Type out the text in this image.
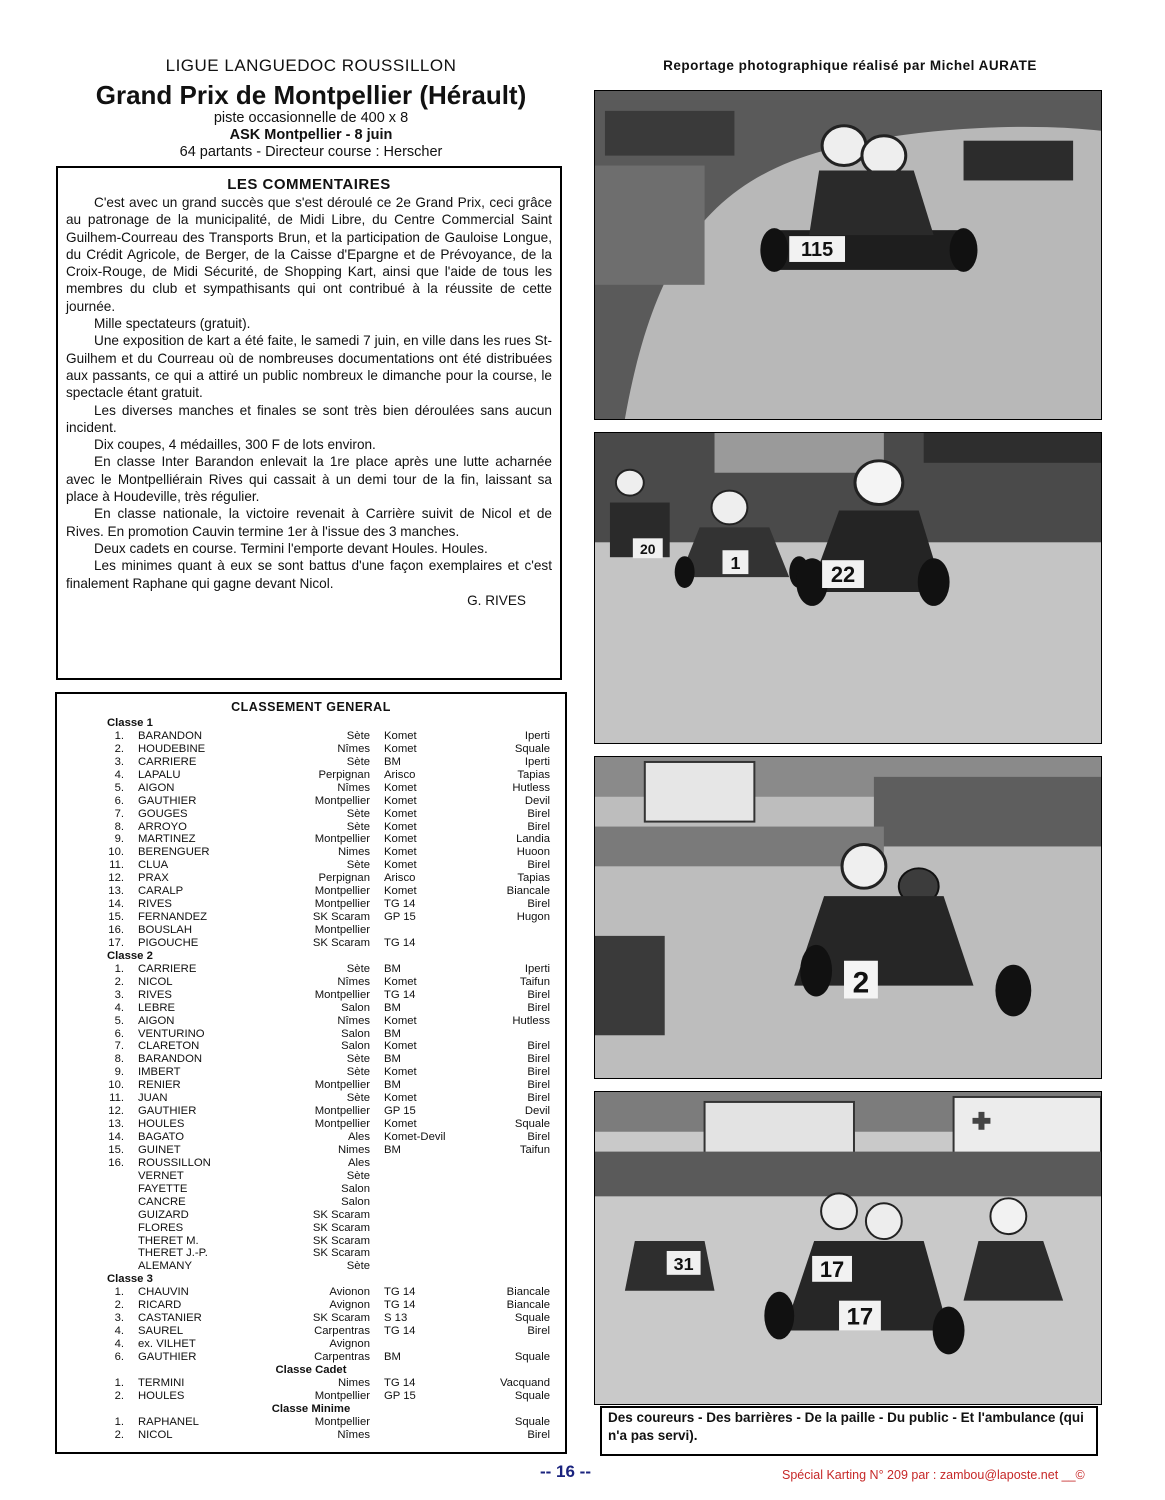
LIGUE LANGUEDOC ROUSSILLON
Grand Prix de Montpellier (Hérault)
piste occasionnelle de 400 x 8
ASK Montpellier - 8 juin
64 partants - Directeur course : Herscher
LES COMMENTAIRES

C'est avec un grand succès que s'est déroulé ce 2e Grand Prix, ceci grâce au patronage de la municipalité, de Midi Libre, du Centre Commercial Saint Guilhem-Courreau des Transports Brun, et la participation de Gauloise Longue, du Crédit Agricole, de Berger, de la Caisse d'Epargne et de Prévoyance, de la Croix-Rouge, de Midi Sécurité, de Shopping Kart, ainsi que l'aide de tous les membres du club et sympathisants qui ont contribué à la réussite de cette journée.

Mille spectateurs (gratuit).

Une exposition de kart a été faite, le samedi 7 juin, en ville dans les rues St-Guilhem et du Courreau où de nombreuses documentations ont été distribuées aux passants, ce qui a attiré un public nombreux le dimanche pour la course, le spectacle étant gratuit.

Les diverses manches et finales se sont très bien déroulées sans aucun incident.

Dix coupes, 4 médailles, 300 F de lots environ.

En classe Inter Barandon enlevait la 1re place après une lutte acharnée avec le Montpelliérain Rives qui cassait à un demi tour de la fin, laissant sa place à Houdeville, très régulier.

En classe nationale, la victoire revenait à Carrière suivit de Nicol et de Rives. En promotion Cauvin termine 1er à l'issue des 3 manches.

Deux cadets en course. Termini l'emporte devant Houles. Houles.

Les minimes quant à eux se sont battus d'une façon exemplaires et c'est finalement Raphane qui gagne devant Nicol.

G. RIVES
CLASSEMENT GENERAL
Classe 1
1. BARANDON	Sète Komet	Iperti
2. HOUDEBINE	Nîmes Komet	Squale
3. CARRIERE	Sète BM	Iperti
4. LAPALU	Perpignan Arisco	Tapias
5. AIGON	Nîmes Komet	Hutless
6. GAUTHIER	Montpellier Komet	Devil
7. GOUGES	Sète Komet	Birel
8. ARROYO	Sète Komet	Birel
9. MARTINEZ	Montpellier Komet	Landia
10. BERENGUER	Nimes Komet	Huoon
11. CLUA	Sète Komet	Birel
12. PRAX	Perpignan Arisco	Tapias
13. CARALP	Montpellier Komet	Biancale
14. RIVES	Montpellier TG 14	Birel
15. FERNANDEZ	SK Scaram GP 15	Hugon
16. BOUSLAH	Montpellier
17. PIGOUCHE	SK Scaram TG 14
Classe 2
1. CARRIERE	Sète BM	Iperti
2. NICOL	Nîmes Komet	Taifun
3. RIVES	Montpellier TG 14	Birel
4. LEBRE	Salon BM	Birel
5. AIGON	Nîmes Komet	Hutless
6. VENTURINO	Salon BM
7. CLARETON	Salon Komet	Birel
8. BARANDON	Sète BM	Birel
9. IMBERT	Sète Komet	Birel
10. RENIER	Montpellier BM	Birel
11. JUAN	Sète Komet	Birel
12. GAUTHIER	Montpellier GP 15	Devil
13. HOULES	Montpellier Komet	Squale
14. BAGATO	Ales Komet-Devil	Birel
15. GUINET	Nimes BM	Taifun
16. ROUSSILLON	Ales
VERNET	Sète
FAYETTE	Salon
CANCRE	Salon
GUIZARD	SK Scaram
FLORES	SK Scaram
THERET M.	SK Scaram
THERET J.-P.	SK Scaram
ALEMANY	Sète
Classe 3
1. CHAUVIN	Avionon TG 14	Biancale
2. RICARD	Avignon TG 14	Biancale
3. CASTANIER	SK Scaram S 13	Squale
4. SAUREL	Carpentras TG 14	Birel
4. ex. VILHET	Avignon
6. GAUTHIER	Carpentras BM	Squale
Classe Cadet
1. TERMINI	Nimes TG 14	Vacquand
2. HOULES	Montpellier GP 15	Squale
Classe Minime
1. RAPHANEL	Montpellier	Squale
2. NICOL	Nîmes	Birel
Reportage photographique réalisé par Michel AURATE
115
20
1	22
2
31	17
17
Des coureurs - Des barrières - De la paille - Du public - Et l'ambulance (qui n'a pas servi).
-- 16 --	Spécial Karting N° 209 par : zambou@laposte.net __©
